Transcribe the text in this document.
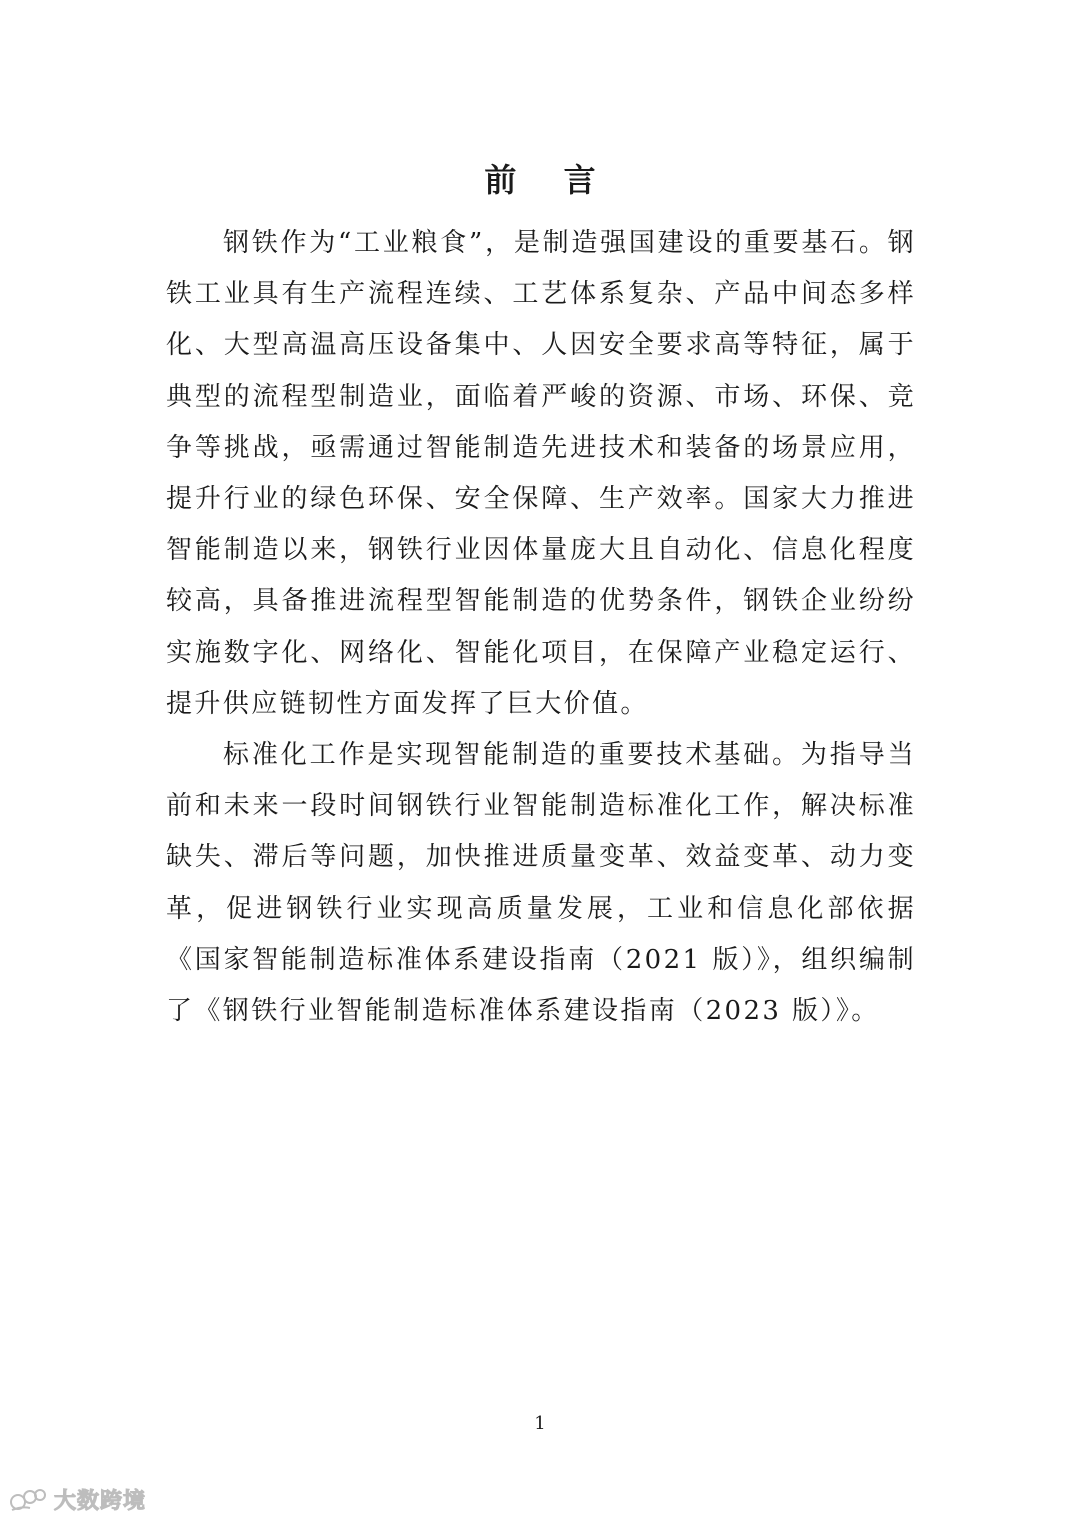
前 言

钢铁作为“工业粮食”，是制造强国建设的重要基石。钢铁工业具有生产流程连续、工艺体系复杂、产品中间态多样化、大型高温高压设备集中、人因安全要求高等特征，属于典型的流程型制造业，面临着严峻的资源、市场、环保、竞争等挑战，亟需通过智能制造先进技术和装备的场景应用，提升行业的绿色环保、安全保障、生产效率。国家大力推进智能制造以来，钢铁行业因体量庞大且自动化、信息化程度较高，具备推进流程型智能制造的优势条件，钢铁企业纷纷实施数字化、网络化、智能化项目，在保障产业稳定运行、提升供应链韧性方面发挥了巨大价值。

标准化工作是实现智能制造的重要技术基础。为指导当前和未来一段时间钢铁行业智能制造标准化工作，解决标准缺失、滞后等问题，加快推进质量变革、效益变革、动力变革，促进钢铁行业实现高质量发展，工业和信息化部依据《国家智能制造标准体系建设指南（2021 版）》，组织编制了《钢铁行业智能制造标准体系建设指南（2023 版）》。

1
大数跨境
